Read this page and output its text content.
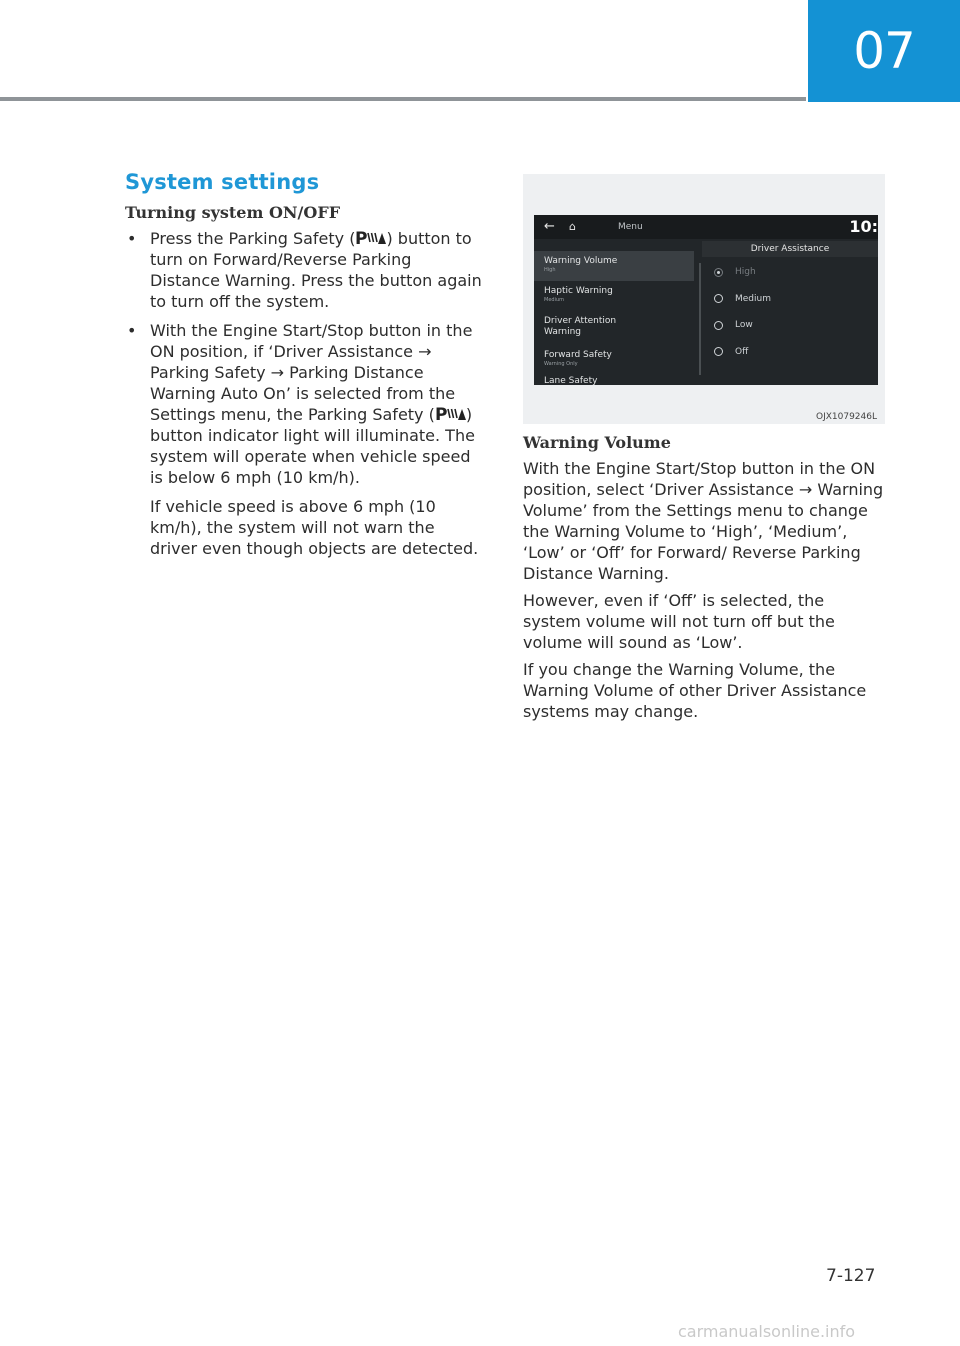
07
System settings
Turning system ON/OFF
• Press the Parking Safety ( P ) button to turn on Forward/Reverse Parking Distance Warning. Press the button again to turn off the system.
• With the Engine Start/Stop button in the ON position, if ‘Driver Assistance → Parking Safety → Parking Distance Warning Auto On’ is selected from the Settings menu, the Parking Safety ( P ) button indicator light will illuminate. The system will operate when vehicle speed is below 6 mph (10 km/h).
If vehicle speed is above 6 mph (10 km/h), the system will not warn the driver even though objects are detected.
← ⌂	Menu	10:
Driver Assistance
Warning Volume
High
Haptic Warning
Medium
Driver Attention Warning
Forward Safety
Warning Only
Lane Safety
High
Medium
Low
Off
OJX1079246L
Warning Volume

With the Engine Start/Stop button in the ON position, select ‘Driver Assistance → Warning Volume’ from the Settings menu to change the Warning Volume to ‘High’, ‘Medium’, ‘Low’ or ‘Off’ for Forward/ Reverse Parking Distance Warning.

However, even if ‘Off’ is selected, the system volume will not turn off but the volume will sound as ‘Low’.

If you change the Warning Volume, the Warning Volume of other Driver Assistance systems may change.

7-127
carmanualsonline.info
